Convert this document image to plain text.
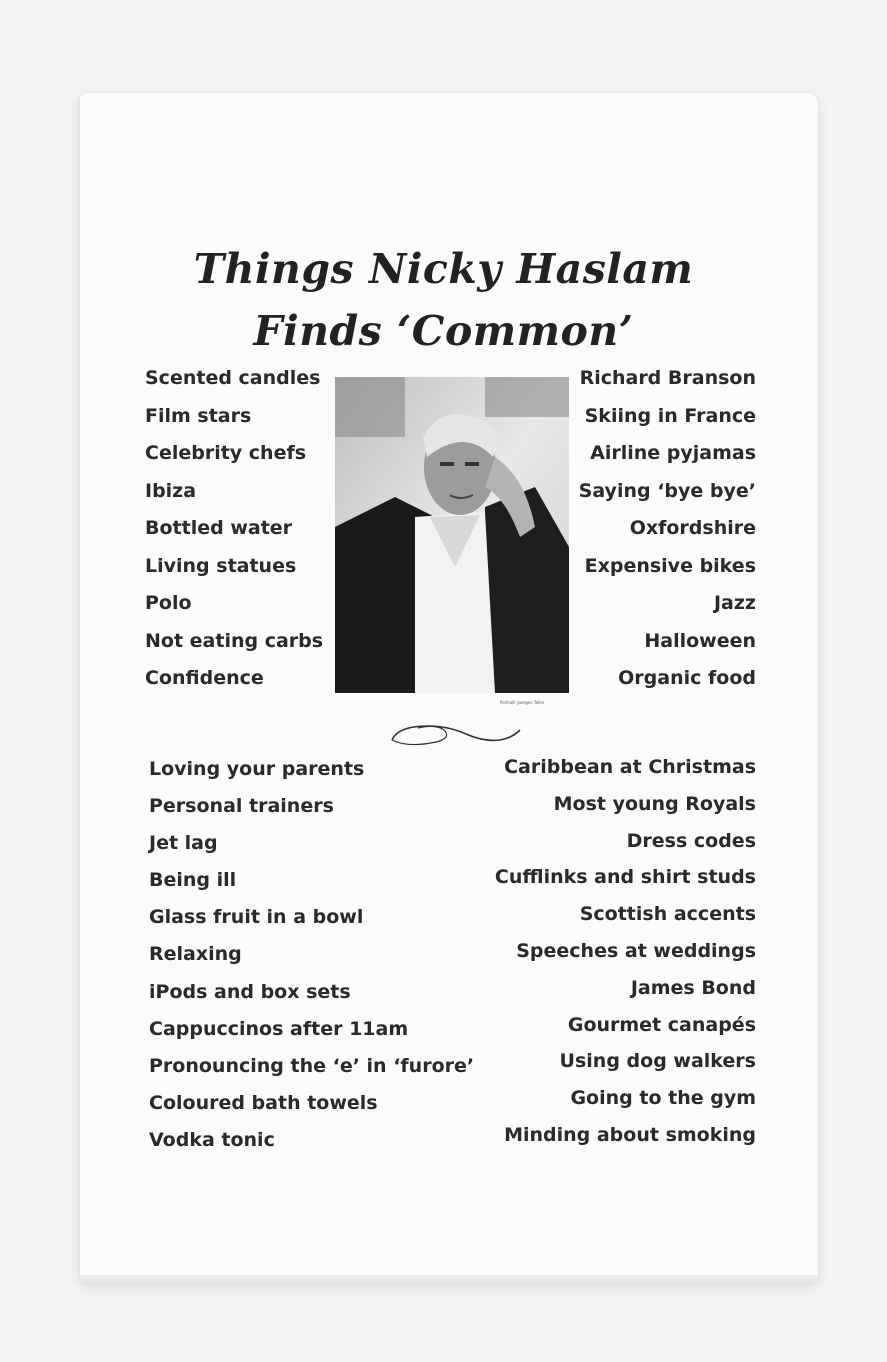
Things Nicky Haslam
Finds ‘Common’
Scented candles
Film stars
Celebrity chefs
Ibiza
Bottled water
Living statues
Polo
Not eating carbs
Confidence
Portrait: Juergen Teller
Richard Branson
Skiing in France
Airline pyjamas
Saying ‘bye bye’
Oxfordshire
Expensive bikes
Jazz
Halloween
Organic food
Loving your parents
Personal trainers
Jet lag
Being ill
Glass fruit in a bowl
Relaxing
iPods and box sets
Cappuccinos after 11am
Pronouncing the ‘e’ in ‘furore’
Coloured bath towels
Vodka tonic
Caribbean at Christmas
Most young Royals
Dress codes
Cufflinks and shirt studs
Scottish accents
Speeches at weddings
James Bond
Gourmet canapés
Using dog walkers
Going to the gym
Minding about smoking
